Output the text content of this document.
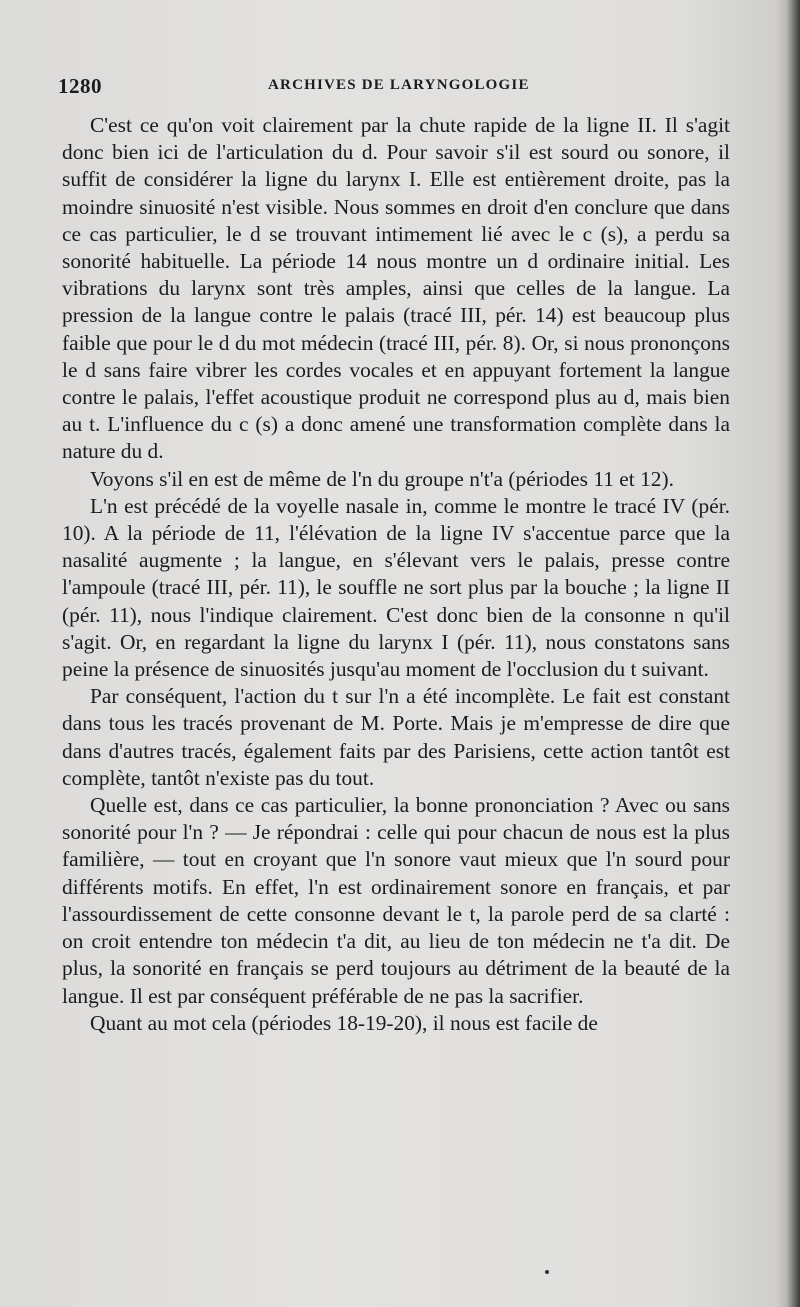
1280	ARCHIVES DE LARYNGOLOGIE

C'est ce qu'on voit clairement par la chute rapide de la ligne II. Il s'agit donc bien ici de l'articulation du d. Pour savoir s'il est sourd ou sonore, il suffit de considérer la ligne du larynx I. Elle est entièrement droite, pas la moindre sinuosité n'est visible. Nous sommes en droit d'en conclure que dans ce cas particulier, le d se trouvant intimement lié avec le c (s), a perdu sa sonorité habituelle. La période 14 nous montre un d ordinaire initial. Les vibrations du larynx sont très amples, ainsi que celles de la langue. La pression de la langue contre le palais (tracé III, pér. 14) est beaucoup plus faible que pour le d du mot médecin (tracé III, pér. 8). Or, si nous prononçons le d sans faire vibrer les cordes vocales et en appuyant fortement la langue contre le palais, l'effet acoustique produit ne correspond plus au d, mais bien au t. L'influence du c (s) a donc amené une transformation complète dans la nature du d.

Voyons s'il en est de même de l'n du groupe n't'a (périodes 11 et 12).

L'n est précédé de la voyelle nasale in, comme le montre le tracé IV (pér. 10). A la période de 11, l'élévation de la ligne IV s'accentue parce que la nasalité augmente ; la langue, en s'élevant vers le palais, presse contre l'ampoule (tracé III, pér. 11), le souffle ne sort plus par la bouche ; la ligne II (pér. 11), nous l'indique clairement. C'est donc bien de la consonne n qu'il s'agit. Or, en regardant la ligne du larynx I (pér. 11), nous constatons sans peine la présence de sinuosités jusqu'au moment de l'occlusion du t suivant.

Par conséquent, l'action du t sur l'n a été incomplète. Le fait est constant dans tous les tracés provenant de M. Porte. Mais je m'empresse de dire que dans d'autres tracés, également faits par des Parisiens, cette action tantôt est complète, tantôt n'existe pas du tout.

Quelle est, dans ce cas particulier, la bonne prononciation ? Avec ou sans sonorité pour l'n ? — Je répondrai : celle qui pour chacun de nous est la plus familière, — tout en croyant que l'n sonore vaut mieux que l'n sourd pour différents motifs. En effet, l'n est ordinairement sonore en français, et par l'assourdissement de cette consonne devant le t, la parole perd de sa clarté : on croit entendre ton médecin t'a dit, au lieu de ton médecin ne t'a dit. De plus, la sonorité en français se perd toujours au détriment de la beauté de la langue. Il est par conséquent préférable de ne pas la sacrifier.

Quant au mot cela (périodes 18-19-20), il nous est facile de
